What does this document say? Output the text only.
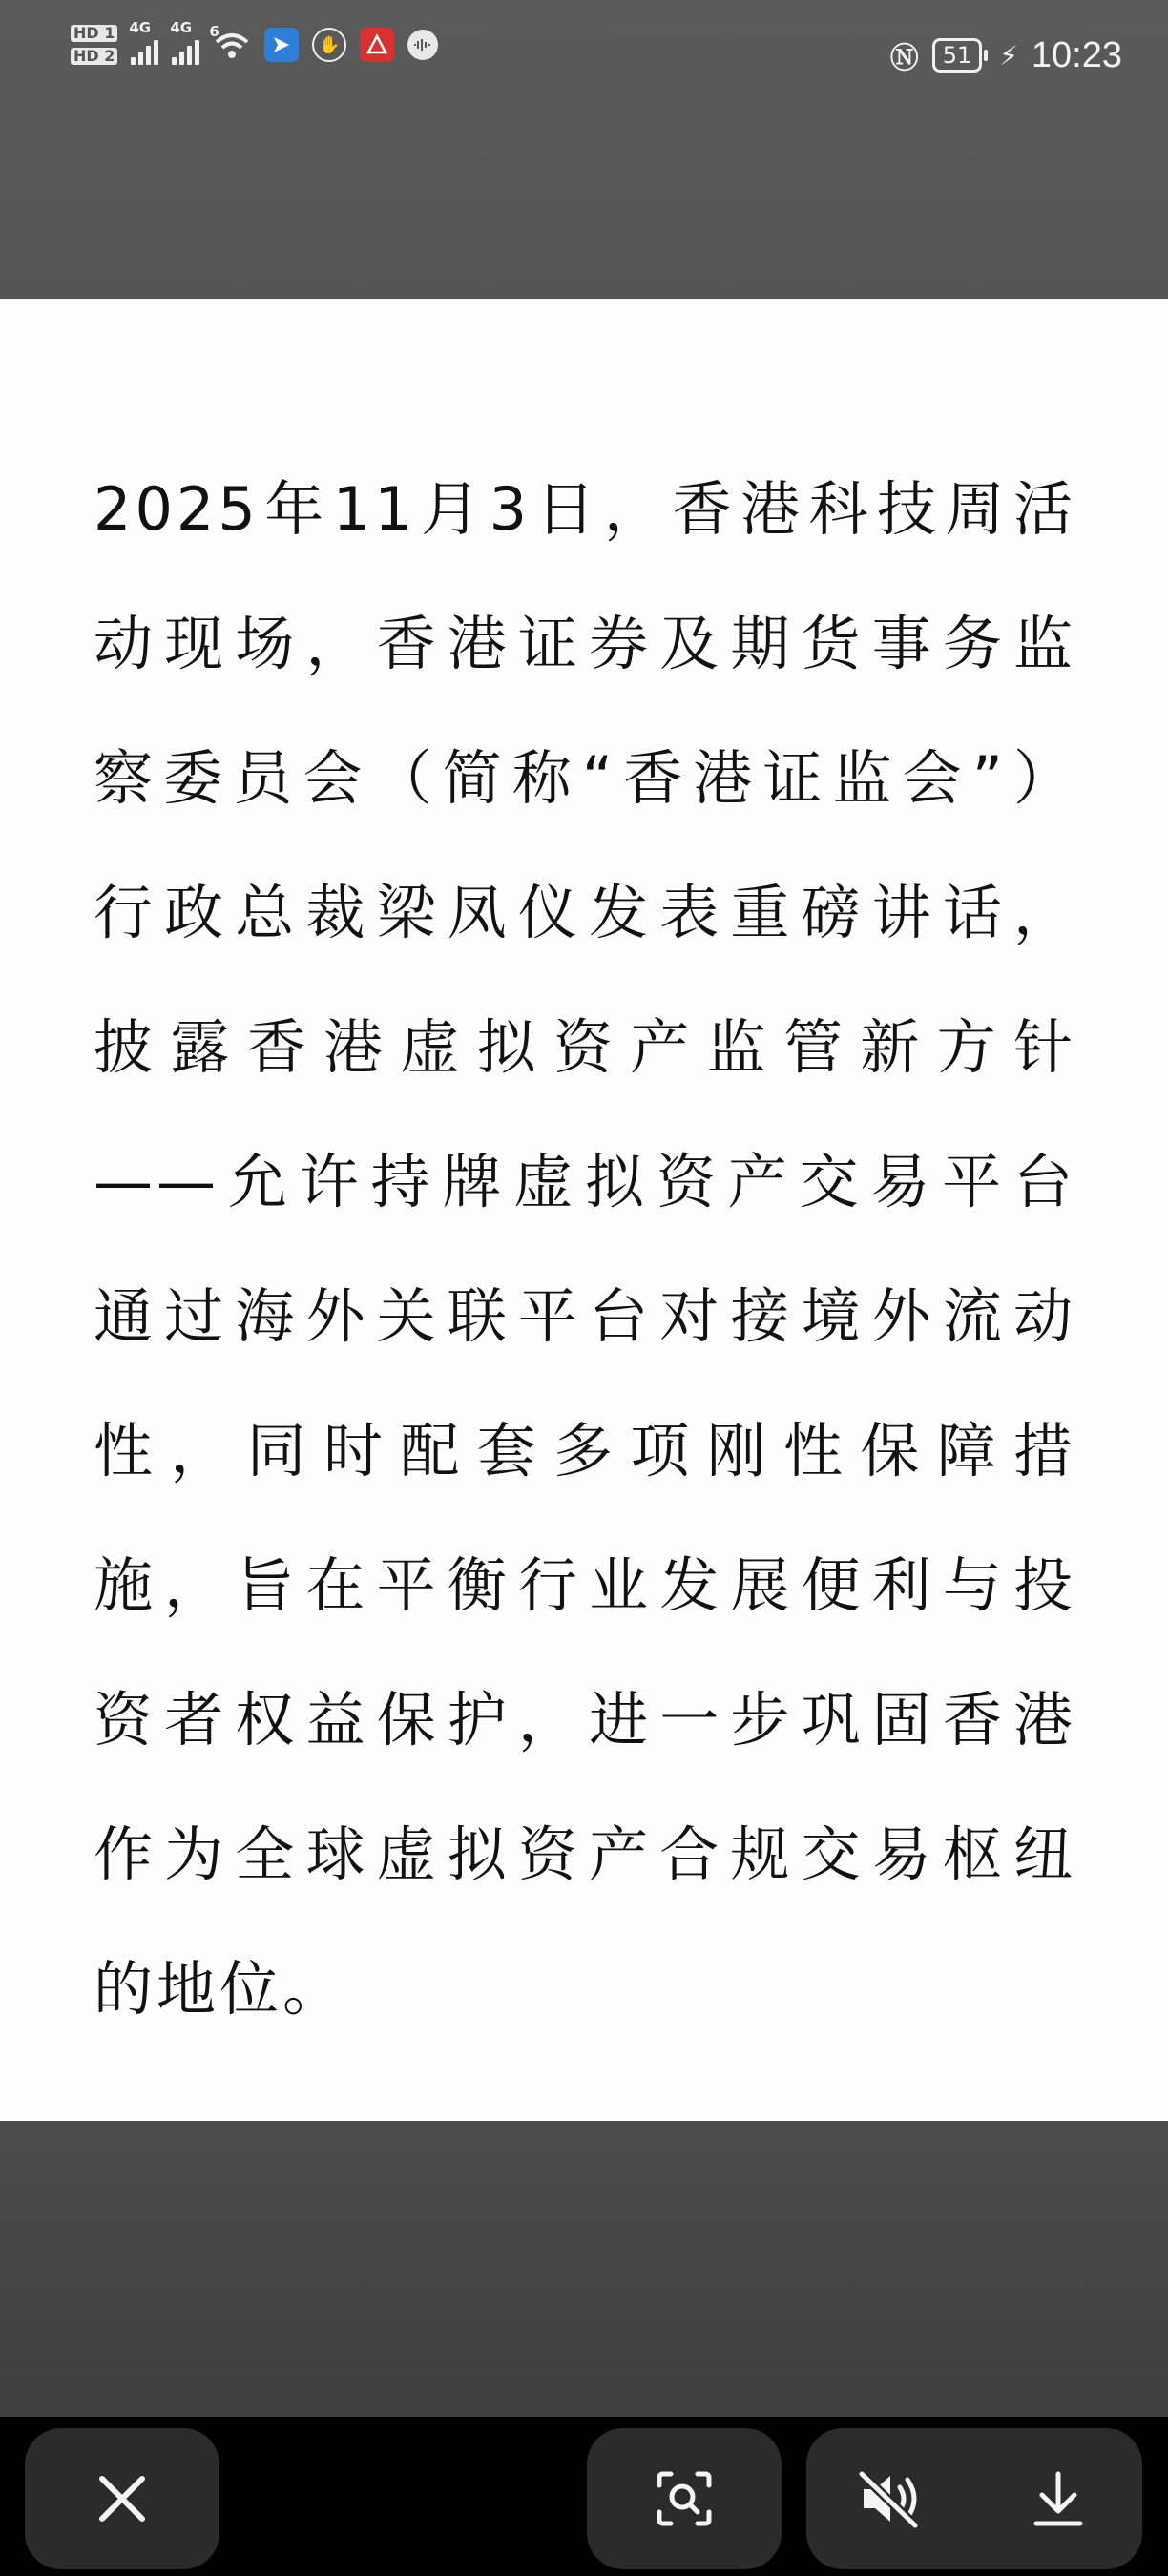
HD 1
HD 2
4G 4G 6
✋	Ⓝ	51	⚡ 10:23
2025年11月3日，香港科技周活
动现场，香港证券及期货事务监
察委员会（简称“香港证监会”）
行政总裁梁凤仪发表重磅讲话，
披露香港虚拟资产监管新方针
——允许持牌虚拟资产交易平台
通过海外关联平台对接境外流动
性，同时配套多项刚性保障措
施，旨在平衡行业发展便利与投
资者权益保护，进一步巩固香港
作为全球虚拟资产合规交易枢纽
的地位。
